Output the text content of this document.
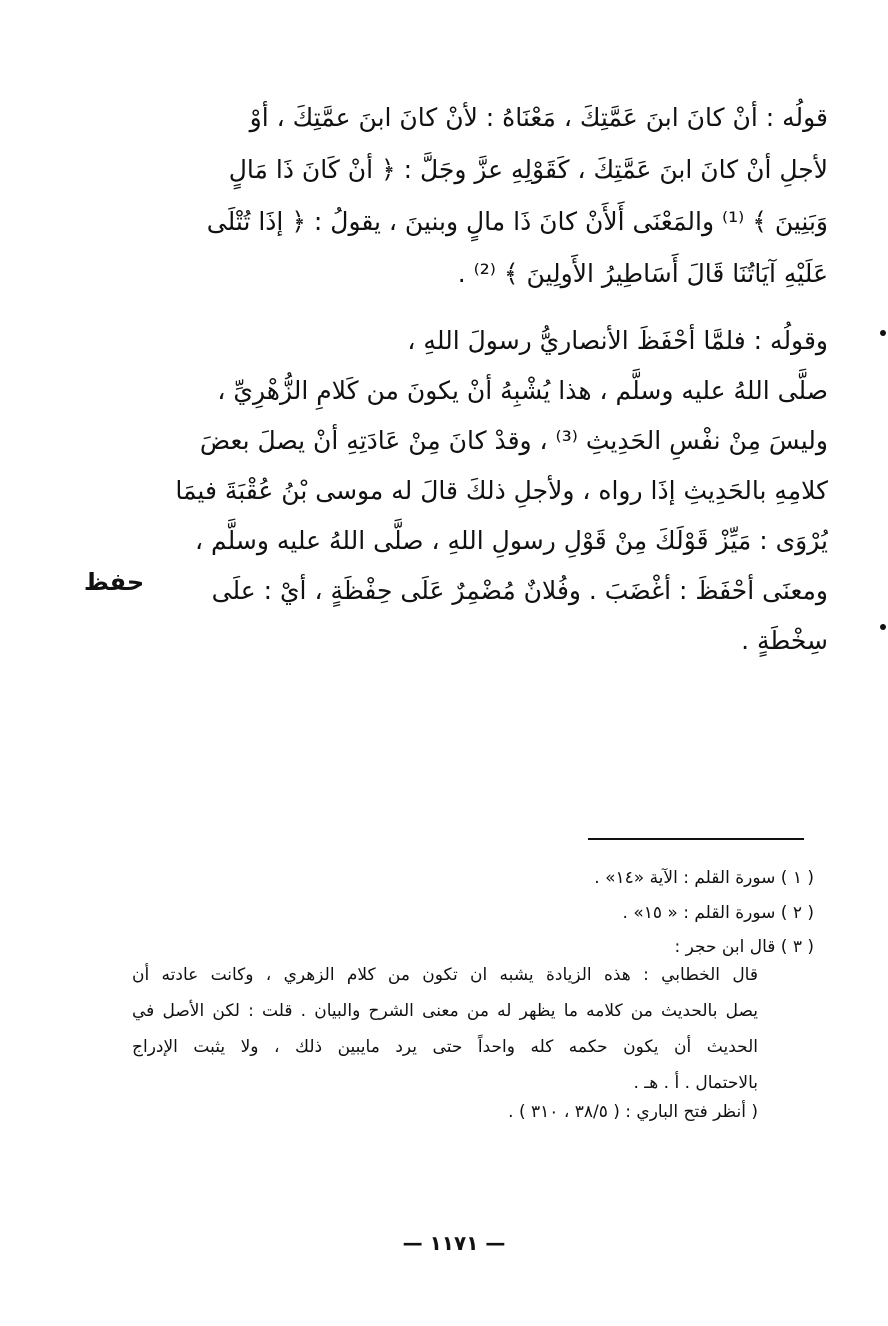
قولُه : أنْ كانَ ابنَ عَمَّتِكَ ، مَعْنَاهُ : لأنْ كانَ ابنَ عمَّتِكَ ، أوْ
لأجلِ أنْ كانَ ابنَ عَمَّتِكَ ، كَقَوْلِهِ عزَّ وجَلَّ : ﴿ أنْ كَانَ ذَا مَالٍ
وَبَنِينَ ﴾ ⁽¹⁾ والمَعْنَى أَلأَنْ كانَ ذَا مالٍ وبنينَ ، يقولُ : ﴿ إذَا تُتْلَى
عَلَيْهِ آيَاتُنَا قَالَ أَسَاطِيرُ الأَولِينَ ﴾ ⁽²⁾ .
وقولُه : فلمَّا أحْفَظَ الأنصاريُّ رسولَ اللهِ ،
صلَّى اللهُ عليه وسلَّم ، هذا يُشْبِهُ أنْ يكونَ من كَلامِ الزُّهْرِيِّ ،
وليسَ مِنْ نفْسِ الحَدِيثِ ⁽³⁾ ، وقدْ كانَ مِنْ عَادَتِهِ أنْ يصلَ بعضَ
كلامِهِ بالحَدِيثِ إذَا رواه ، ولأجلِ ذلكَ قالَ له موسى بْنُ عُقْبَةَ فيمَا
يُرْوَى : مَيِّزْ قَوْلَكَ مِنْ قَوْلِ رسولِ اللهِ ، صلَّى اللهُ عليه وسلَّم ،
ومعنَى أحْفَظَ : أغْضَبَ . وفُلانٌ مُضْمِرٌ عَلَى حِفْظَةٍ ، أيْ : علَى
سِخْطَةٍ .
حفظ
( ١ ) سورة القلم : الآية «١٤» .
( ٢ ) سورة القلم : « ١٥» .
( ٣ ) قال ابن حجر :
قال الخطابي : هذه الزيادة يشبه ان تكون من كلام الزهري ، وكانت عادته أن
يصل بالحديث من كلامه ما يظهر له من معنى الشرح والبيان . قلت : لكن الأصل في
الحديث أن يكون حكمه كله واحداً حتى يرد مايبين ذلك ، ولا يثبت الإدراج
بالاحتمال . أ . هـ .
( أنظر فتح الباري : ( ٣٨/٥ ، ٣١٠ ) .
— ١١٧١ —
